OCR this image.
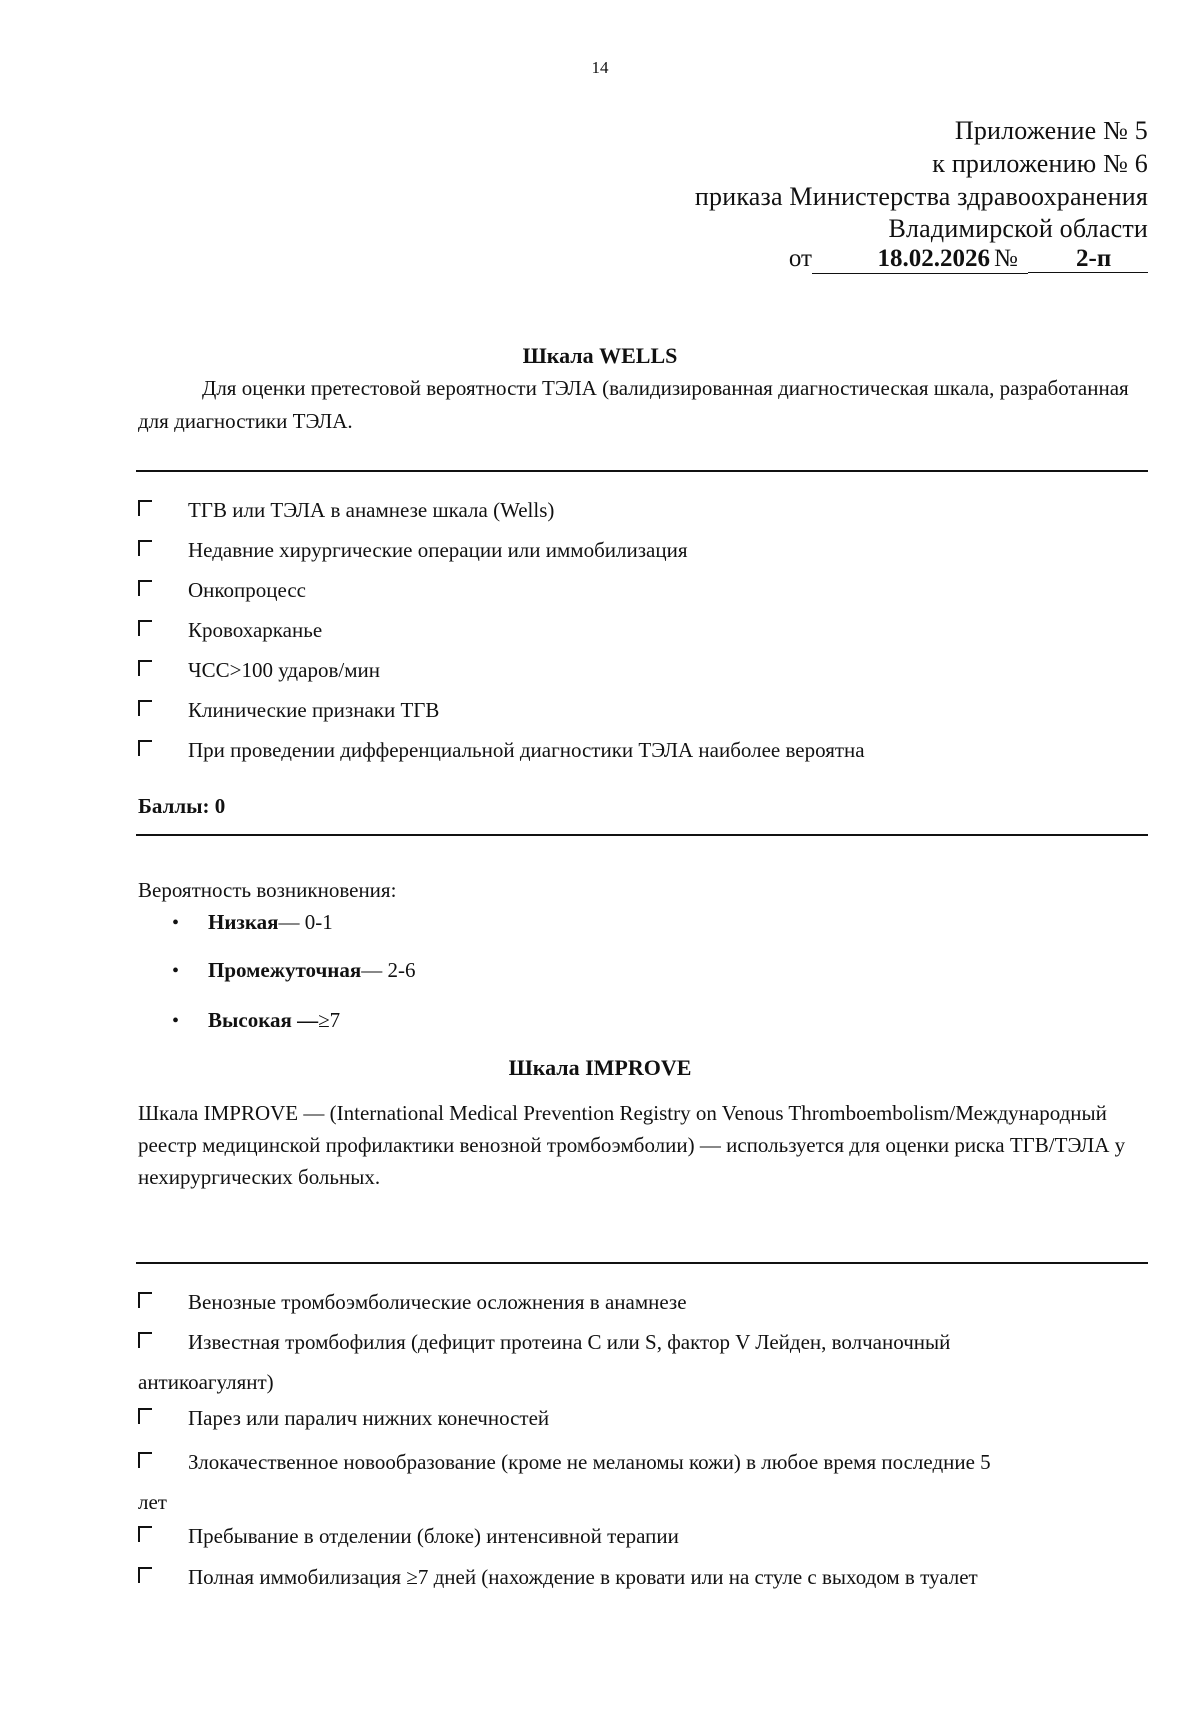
14
Приложение № 5
к приложению № 6
приказа Министерства здравоохранения
Владимирской области
от	18.02.2026 №	2-п
Шкала WELLS
Для оценки претестовой вероятности ТЭЛА (валидизированная диагностическая шкала, разработанная для диагностики ТЭЛА.
ТГВ или ТЭЛА в анамнезе шкала (Wells)
Недавние хирургические операции или иммобилизация
Онкопроцесс
Кровохарканье
ЧСС>100 ударов/мин
Клинические признаки ТГВ
При проведении дифференциальной диагностики ТЭЛА наиболее вероятна
Баллы: 0
Вероятность возникновения:
•	Низкая — 0-1
•	Промежуточная — 2-6
•	Высокая — ≥7
Шкала IMPROVE
Шкала IMPROVE — (International Medical Prevention Registry on Venous Thromboembolism/Международный реестр медицинской профилактики венозной тромбоэмболии) — используется для оценки риска ТГВ/ТЭЛА у нехирургических больных.
Венозные тромбоэмболические осложнения в анамнезе
Известная тромбофилия (дефицит протеина С или S, фактор V Лейден, волчаночный
антикоагулянт)
Парез или паралич нижних конечностей
Злокачественное новообразование (кроме не меланомы кожи) в любое время последние 5
лет
Пребывание в отделении (блоке) интенсивной терапии
Полная иммобилизация ≥7 дней (нахождение в кровати или на стуле с выходом в туалет
